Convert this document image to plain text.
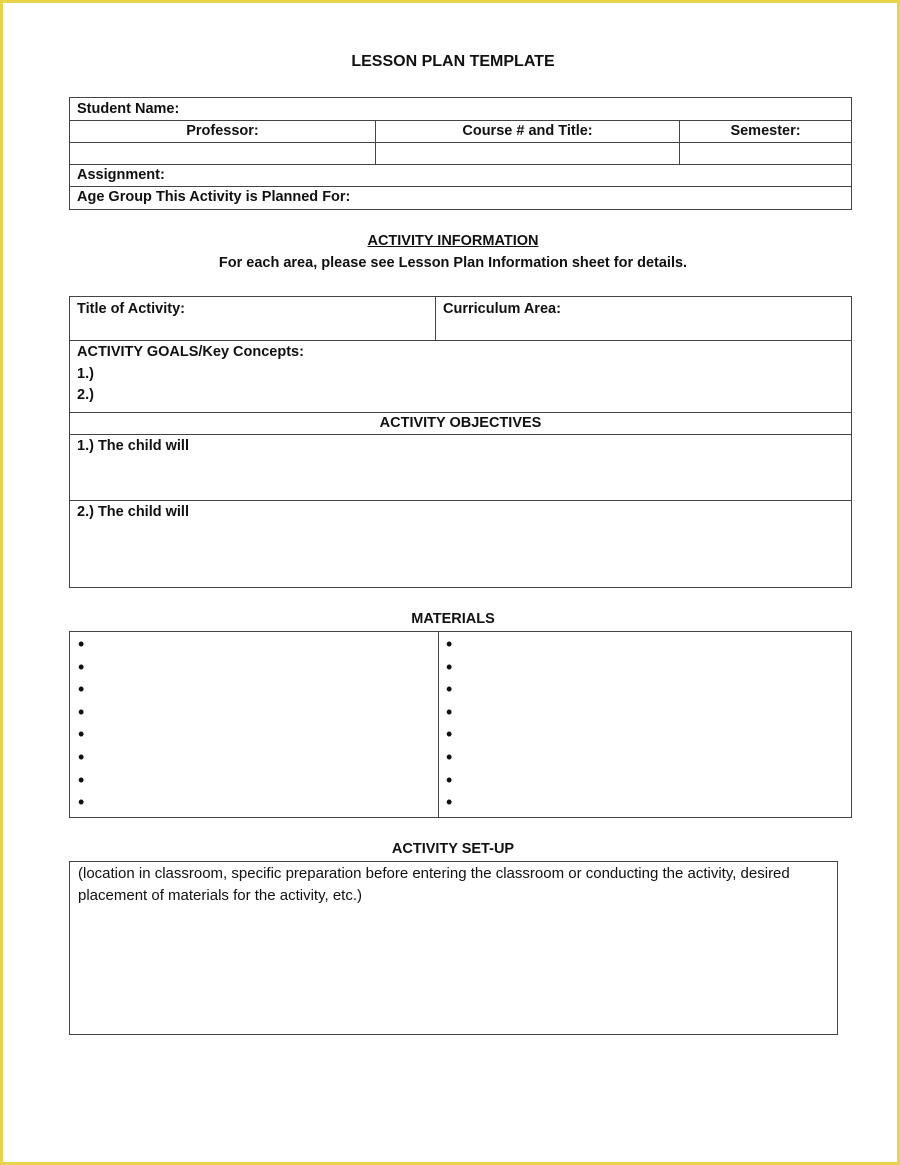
LESSON PLAN TEMPLATE
Student Name:		
Professor:	Course # and Title:	Semester:

Assignment:		
Age Group This Activity is Planned For:		
ACTIVITY INFORMATION
For each area, please see Lesson Plan Information sheet for details.
Title of Activity:	Curriculum Area:

ACTIVITY GOALS/Key Concepts:
1.)
2.)

ACTIVITY OBJECTIVES
1.) The child will
2.) The child will
MATERIALS
•
•
•
•
•
•
•
•
•
•
•
•
•
•
•
•
ACTIVITY SET-UP
(location in classroom, specific preparation before entering the classroom or conducting the activity, desired placement of materials for the activity, etc.)
